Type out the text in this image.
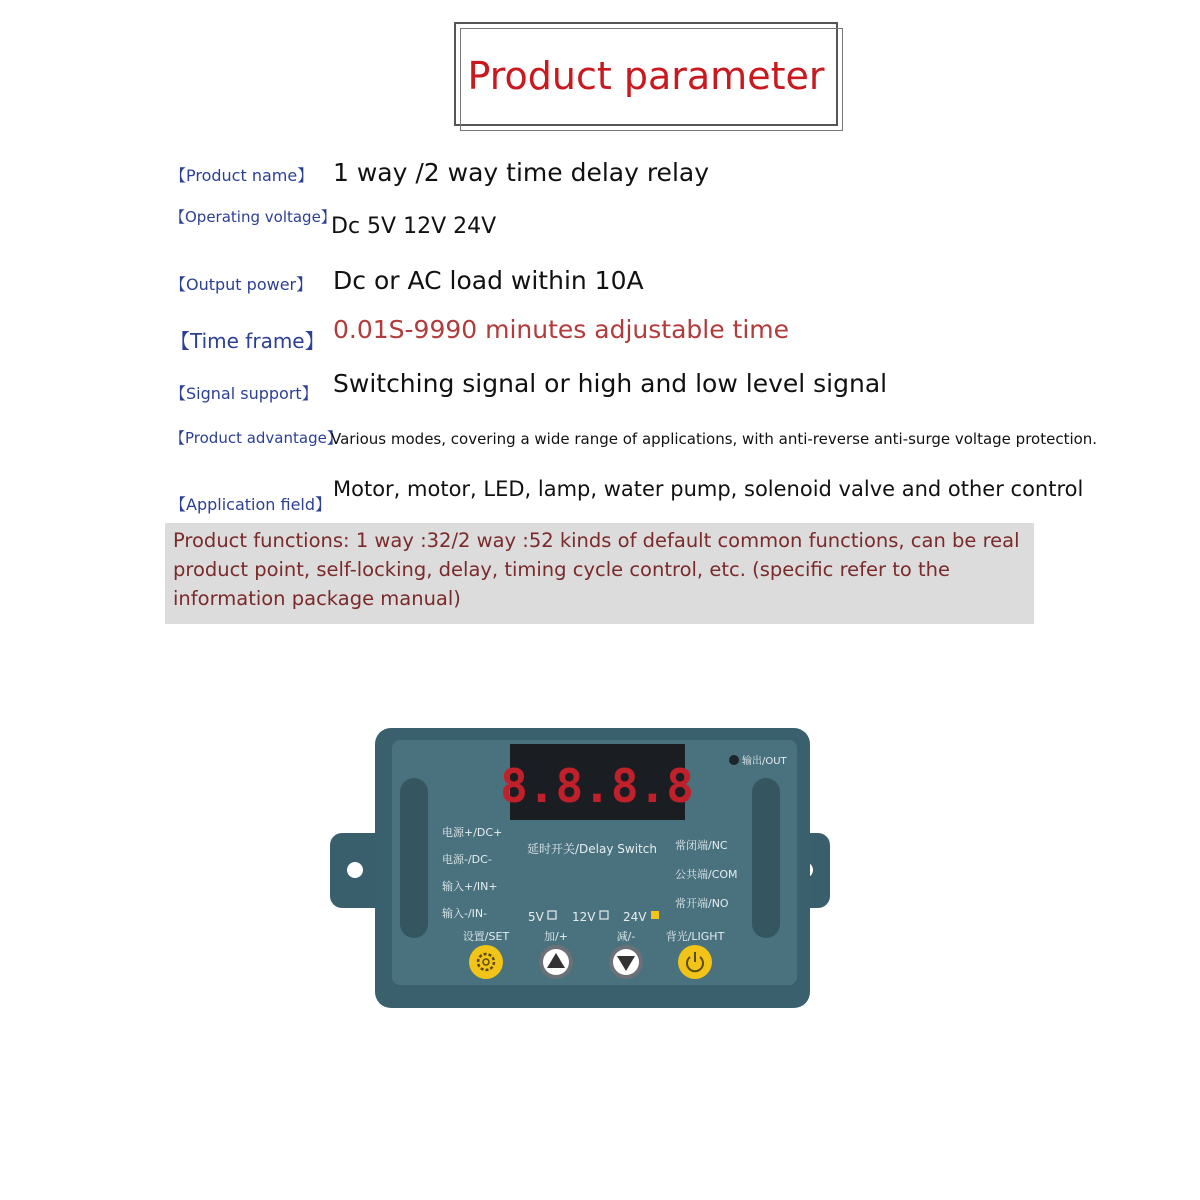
Product parameter
【Product name】 1 way /2 way time delay relay
【Operating voltage】
Dc 5V 12V 24V
【Output power】 Dc or AC load within 10A
【Time frame】 0.01S-9990 minutes adjustable time
【Signal support】 Switching signal or high and low level signal
【Product advantage】
Various modes, covering a wide range of applications, with anti-reverse anti-surge voltage protection.
【Application field】
Motor, motor, LED, lamp, water pump, solenoid valve and other control
Product functions: 1 way :32/2 way :52 kinds of default common functions, can be real product point, self-locking, delay, timing cycle control, etc. (specific refer to the information package manual)
8.8.8.8	输出/OUT
延时开关/Delay Switch
电源+/DC+
电源-/DC-
输入+/IN+
输入-/IN-
常闭端/NC
公共端/COM
常开端/NO
5V 12V 24V
设置/SET	加/+	减/-	背光/LIGHT
